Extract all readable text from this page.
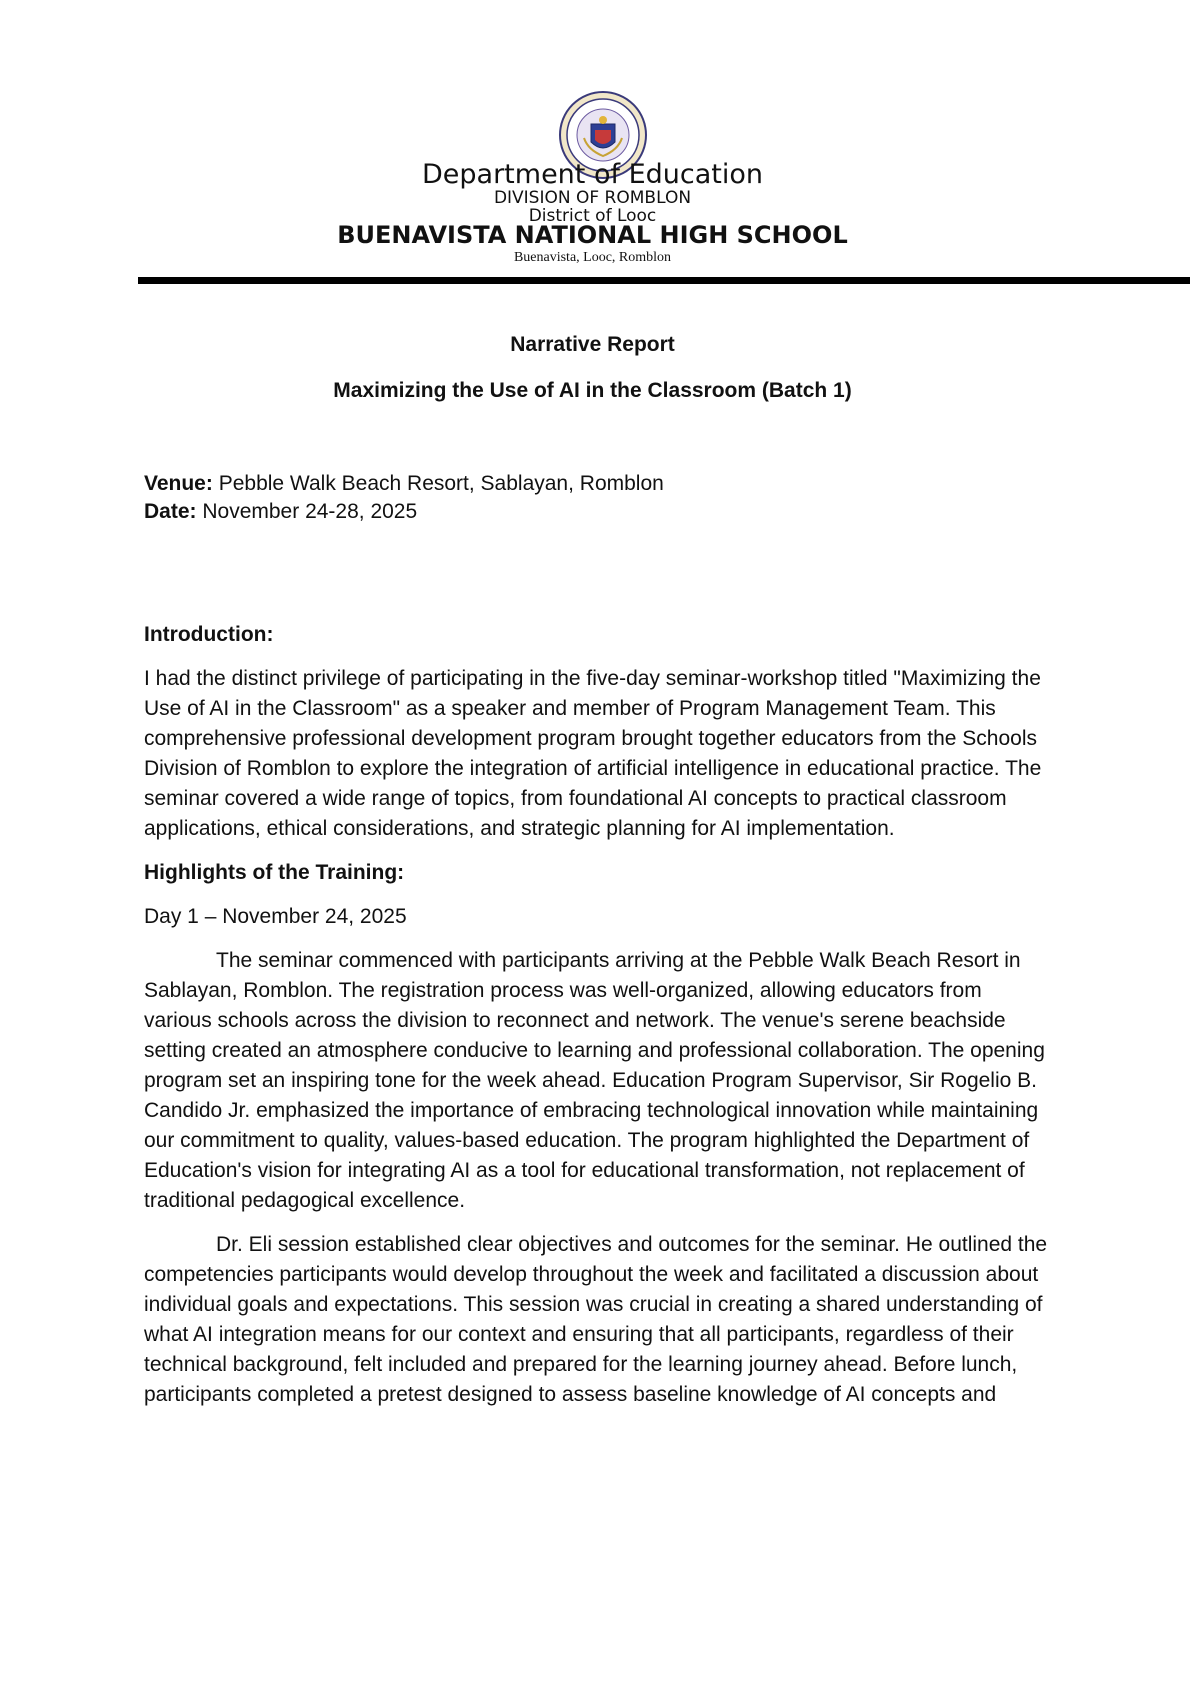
Department of Education
DIVISION OF ROMBLON
District of Looc
BUENAVISTA NATIONAL HIGH SCHOOL
Buenavista, Looc, Romblon
Narrative Report
Maximizing the Use of AI in the Classroom (Batch 1)
Venue: Pebble Walk Beach Resort, Sablayan, Romblon
Date: November 24-28, 2025
Introduction:

I had the distinct privilege of participating in the five-day seminar-workshop titled "Maximizing the Use of AI in the Classroom" as a speaker and member of Program Management Team. This comprehensive professional development program brought together educators from the Schools Division of Romblon to explore the integration of artificial intelligence in educational practice. The seminar covered a wide range of topics, from foundational AI concepts to practical classroom applications, ethical considerations, and strategic planning for AI implementation.

Highlights of the Training:
Day 1 – November 24, 2025

The seminar commenced with participants arriving at the Pebble Walk Beach Resort in Sablayan, Romblon. The registration process was well-organized, allowing educators from various schools across the division to reconnect and network. The venue's serene beachside setting created an atmosphere conducive to learning and professional collaboration. The opening program set an inspiring tone for the week ahead. Education Program Supervisor, Sir Rogelio B. Candido Jr. emphasized the importance of embracing technological innovation while maintaining our commitment to quality, values-based education. The program highlighted the Department of Education's vision for integrating AI as a tool for educational transformation, not replacement of traditional pedagogical excellence.

Dr. Eli session established clear objectives and outcomes for the seminar. He outlined the competencies participants would develop throughout the week and facilitated a discussion about individual goals and expectations. This session was crucial in creating a shared understanding of what AI integration means for our context and ensuring that all participants, regardless of their technical background, felt included and prepared for the learning journey ahead. Before lunch, participants completed a pretest designed to assess baseline knowledge of AI concepts and
